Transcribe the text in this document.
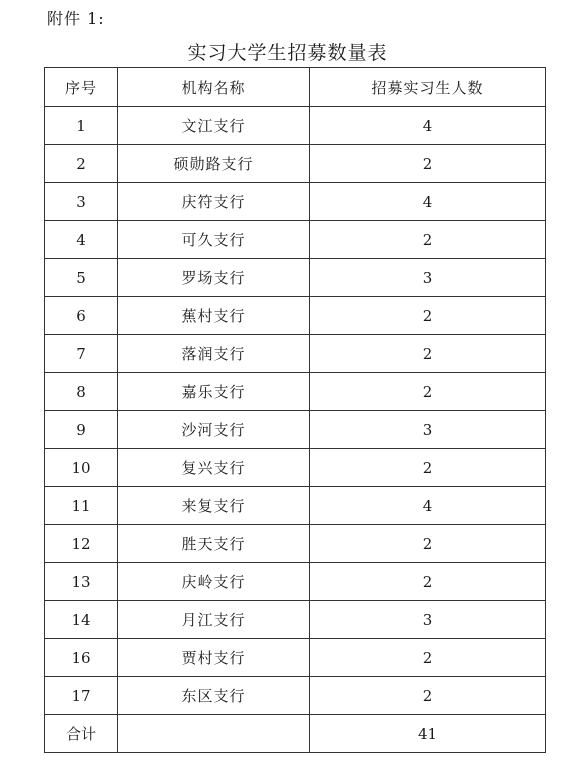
附件 1:
实习大学生招募数量表
序号	机构名称	招募实习生人数
1	文江支行	4
2	硕勋路支行	2
3	庆符支行	4
4	可久支行	2
5	罗场支行	3
6	蕉村支行	2
7	落润支行	2
8	嘉乐支行	2
9	沙河支行	3
10	复兴支行	2
11	来复支行	4
12	胜天支行	2
13	庆岭支行	2
14	月江支行	3
16	贾村支行	2
17	东区支行	2
合计		41
